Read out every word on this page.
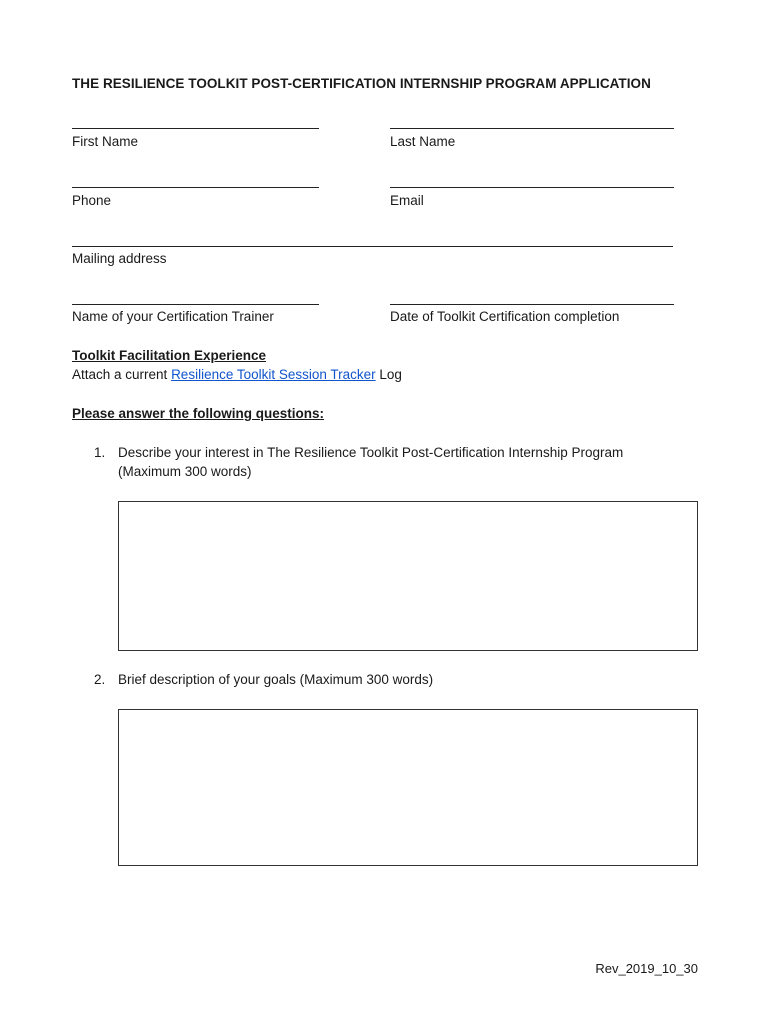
THE RESILIENCE TOOLKIT POST-CERTIFICATION INTERNSHIP PROGRAM APPLICATION
First Name	Last Name
Phone	Email
Mailing address
Name of your Certification Trainer	Date of Toolkit Certification completion
Toolkit Facilitation Experience
Attach a current Resilience Toolkit Session Tracker Log
Please answer the following questions:
1. Describe your interest in The Resilience Toolkit Post-Certification Internship Program
(Maximum 300 words)
2. Brief description of your goals (Maximum 300 words)
Rev_2019_10_30
